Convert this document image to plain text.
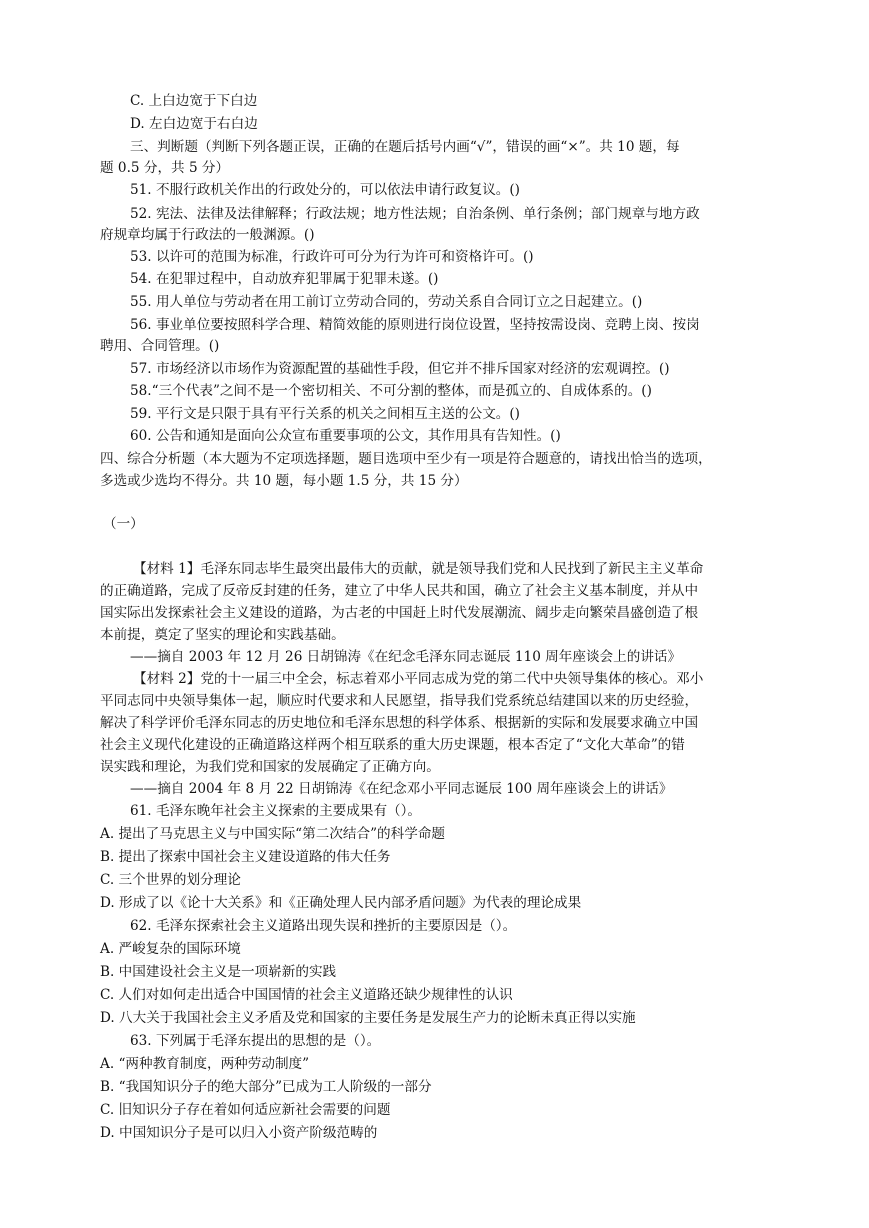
C. 上白边宽于下白边
D. 左白边宽于右白边
三、判断题（判断下列各题正误，正确的在题后括号内画“√”，错误的画“×”。共 10 题，每
题 0.5 分，共 5 分）
51. 不服行政机关作出的行政处分的，可以依法申请行政复议。()
52. 宪法、法律及法律解释；行政法规；地方性法规；自治条例、单行条例；部门规章与地方政
府规章均属于行政法的一般渊源。()
53. 以许可的范围为标准，行政许可可分为行为许可和资格许可。()
54. 在犯罪过程中，自动放弃犯罪属于犯罪未遂。()
55. 用人单位与劳动者在用工前订立劳动合同的，劳动关系自合同订立之日起建立。()
56. 事业单位要按照科学合理、精简效能的原则进行岗位设置，坚持按需设岗、竞聘上岗、按岗
聘用、合同管理。()
57. 市场经济以市场作为资源配置的基础性手段，但它并不排斥国家对经济的宏观调控。()
58.“三个代表”之间不是一个密切相关、不可分割的整体，而是孤立的、自成体系的。()
59. 平行文是只限于具有平行关系的机关之间相互主送的公文。()
60. 公告和通知是面向公众宣布重要事项的公文，其作用具有告知性。()
四、综合分析题（本大题为不定项选择题，题目选项中至少有一项是符合题意的，请找出恰当的选项，
多选或少选均不得分。共 10 题，每小题 1.5 分，共 15 分）
（一）
【材料 1】毛泽东同志毕生最突出最伟大的贡献，就是领导我们党和人民找到了新民主主义革命
的正确道路，完成了反帝反封建的任务，建立了中华人民共和国，确立了社会主义基本制度，并从中
国实际出发探索社会主义建设的道路，为古老的中国赶上时代发展潮流、阔步走向繁荣昌盛创造了根
本前提，奠定了坚实的理论和实践基础。
——摘自 2003 年 12 月 26 日胡锦涛《在纪念毛泽东同志诞辰 110 周年座谈会上的讲话》
【材料 2】党的十一届三中全会，标志着邓小平同志成为党的第二代中央领导集体的核心。邓小
平同志同中央领导集体一起，顺应时代要求和人民愿望，指导我们党系统总结建国以来的历史经验，
解决了科学评价毛泽东同志的历史地位和毛泽东思想的科学体系、根据新的实际和发展要求确立中国
社会主义现代化建设的正确道路这样两个相互联系的重大历史课题，根本否定了“文化大革命”的错
误实践和理论，为我们党和国家的发展确定了正确方向。
——摘自 2004 年 8 月 22 日胡锦涛《在纪念邓小平同志诞辰 100 周年座谈会上的讲话》
61. 毛泽东晚年社会主义探索的主要成果有（）。
A. 提出了马克思主义与中国实际“第二次结合”的科学命题
B. 提出了探索中国社会主义建设道路的伟大任务
C. 三个世界的划分理论
D. 形成了以《论十大关系》和《正确处理人民内部矛盾问题》为代表的理论成果
62. 毛泽东探索社会主义道路出现失误和挫折的主要原因是（）。
A. 严峻复杂的国际环境
B. 中国建设社会主义是一项崭新的实践
C. 人们对如何走出适合中国国情的社会主义道路还缺少规律性的认识
D. 八大关于我国社会主义矛盾及党和国家的主要任务是发展生产力的论断未真正得以实施
63. 下列属于毛泽东提出的思想的是（）。
A. “两种教育制度，两种劳动制度”
B. “我国知识分子的绝大部分”已成为工人阶级的一部分
C. 旧知识分子存在着如何适应新社会需要的问题
D. 中国知识分子是可以归入小资产阶级范畴的
